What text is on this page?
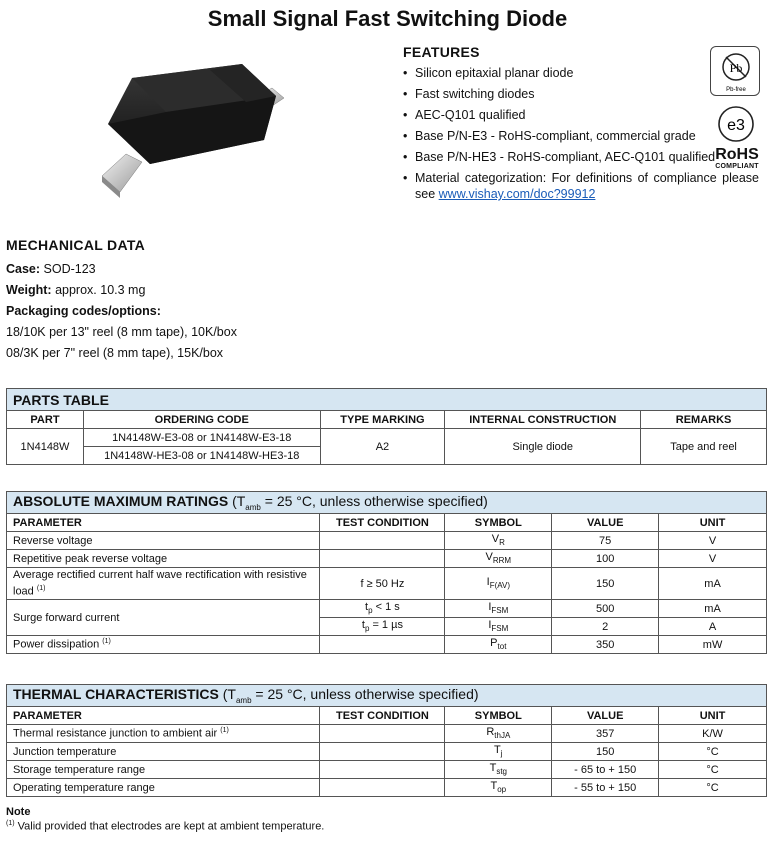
Small Signal Fast Switching Diode
FEATURES
• Silicon epitaxial planar diode
• Fast switching diodes
• AEC-Q101 qualified
• Base P/N-E3 - RoHS-compliant, commercial grade
• Base P/N-HE3 - RoHS-compliant, AEC-Q101 qualified
• Material categorization: For definitions of compliance please see www.vishay.com/doc?99912
Pb
Pb-free
e3
RoHS
COMPLIANT
MECHANICAL DATA

Case: SOD-123

Weight: approx. 10.3 mg

Packaging codes/options:

18/10K per 13" reel (8 mm tape), 10K/box

08/3K per 7" reel (8 mm tape), 15K/box

PARTS TABLE				
PART	ORDERING CODE	TYPE MARKING	INTERNAL CONSTRUCTION	REMARKS
1N4148W	1N4148W-E3-08 or 1N4148W-E3-18	A2	Single diode	Tape and reel
	1N4148W-HE3-08 or 1N4148W-HE3-18			
ABSOLUTE MAXIMUM RATINGS ($T_{amb} = 25$ °C, unless otherwise specified)				
PARAMETER	TEST CONDITION	SYMBOL	VALUE	UNIT
Reverse voltage		$V_R$	75	V
Repetitive peak reverse voltage		$V_{RRM}$	100	V
Average rectified current half wave rectification with resistive load $^{(1)}$	f ≥ 50 Hz	$I_{F(AV)}$	150	mA
Surge forward current	$t_p < 1$ s	$I_{FSM}$	500	mA
	$t_p = 1$ µs	$I_{FSM}$	2	A
Power dissipation $^{(1)}$		$P_{tot}$	350	mW
THERMAL CHARACTERISTICS ($T_{amb} = 25$ °C, unless otherwise specified)				
PARAMETER	TEST CONDITION	SYMBOL	VALUE	UNIT
Thermal resistance junction to ambient air $^{(1)}$		$R_{thJA}$	357	K/W
Junction temperature		$T_j$	150	°C
Storage temperature range		$T_{stg}$	- 65 to + 150	°C
Operating temperature range		$T_{op}$	- 55 to + 150	°C
Note
$^{(1)}$ Valid provided that electrodes are kept at ambient temperature.
